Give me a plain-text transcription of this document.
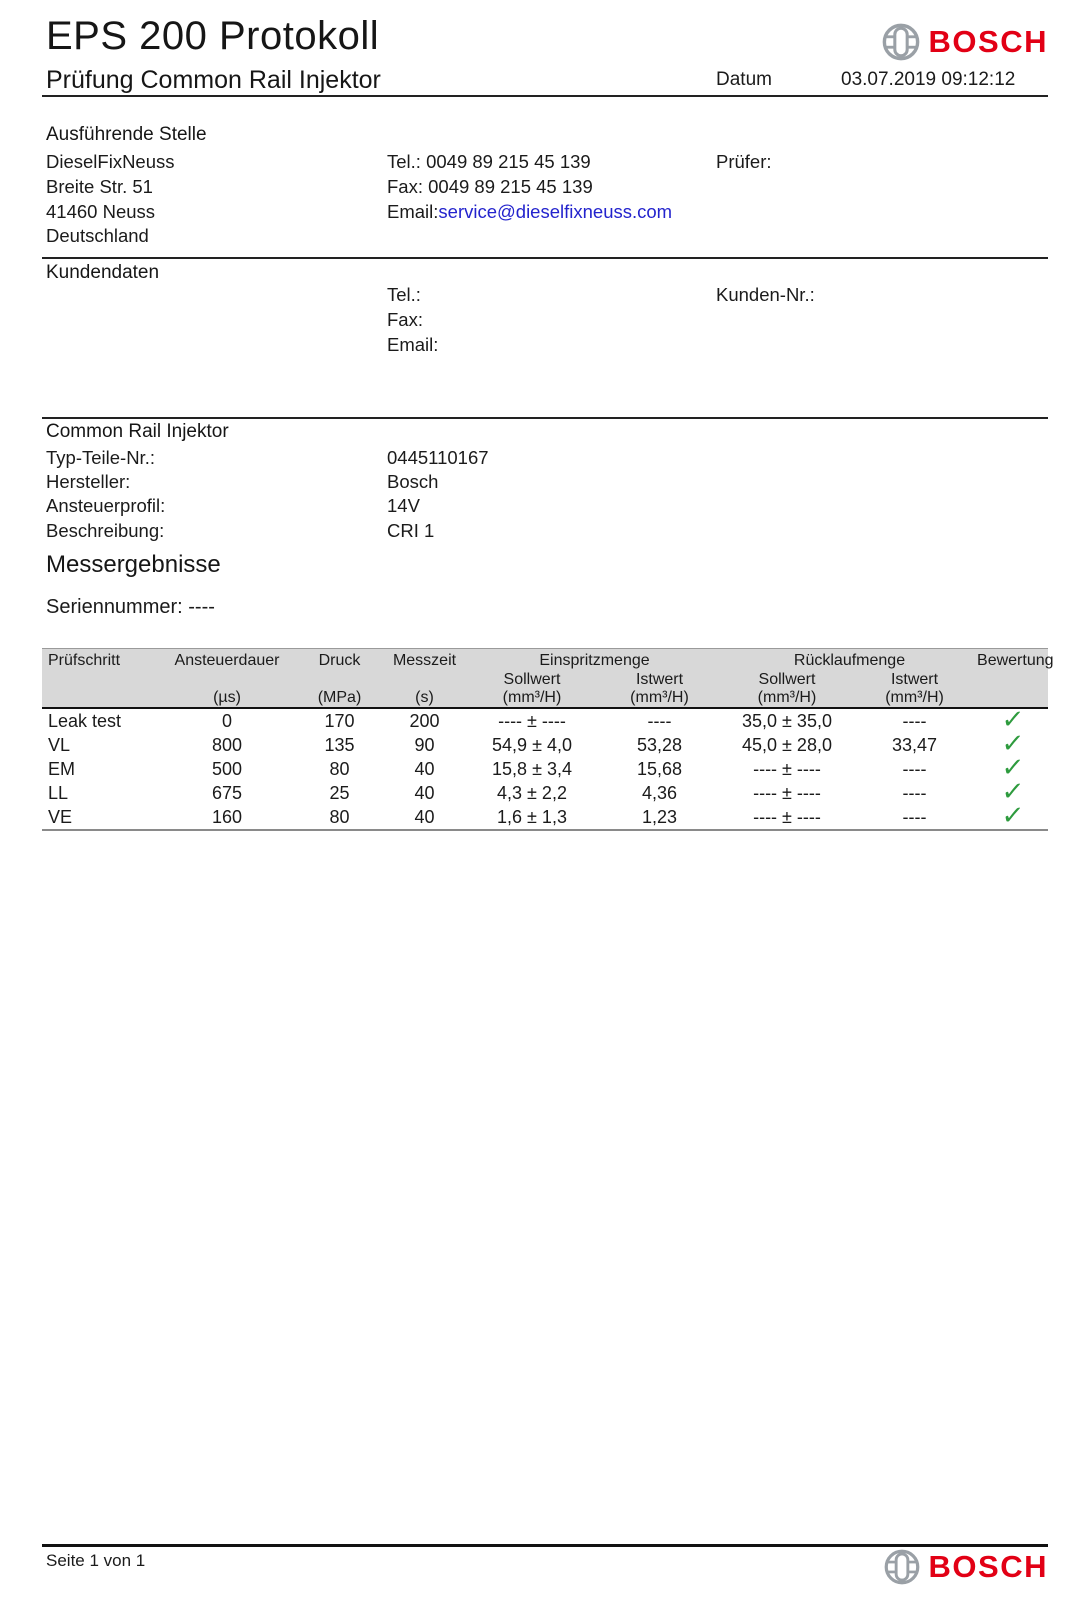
EPS 200 Protokoll
Prüfung Common Rail Injektor	Datum	03.07.2019 09:12:12
BOSCH
Ausführende Stelle
DieselFixNeuss
Breite Str. 51
41460 Neuss
Deutschland
Tel.: 0049 89 215 45 139
Fax: 0049 89 215 45 139
Email:service@dieselfixneuss.com
Prüfer:
Kundendaten
Tel.:
Fax:
Email:
Kunden-Nr.:
Common Rail Injektor
Typ-Teile-Nr.:	0445110167
Hersteller:	Bosch
Ansteuerprofil:	14V
Beschreibung:	CRI 1
Messergebnisse
Seriennummer: ----
Prüfschritt	Ansteuerdauer	Druck	Messzeit	Einspritzmenge		Rücklaufmenge		Bewertung
				Sollwert	Istwert	Sollwert	Istwert	
	(µs)	(MPa)	(s)	(mm³/H)	(mm³/H)	(mm³/H)	(mm³/H)	
Leak test	0	170	200	---- ± ----	----	35,0 ± 35,0	----	✓
VL	800	135	90	54,9 ± 4,0	53,28	45,0 ± 28,0	33,47	✓
EM	500	80	40	15,8 ± 3,4	15,68	---- ± ----	----	✓
LL	675	25	40	4,3 ± 2,2	4,36	---- ± ----	----	✓
VE	160	80	40	1,6 ± 1,3	1,23	---- ± ----	----	✓
Seite 1 von 1	BOSCH
